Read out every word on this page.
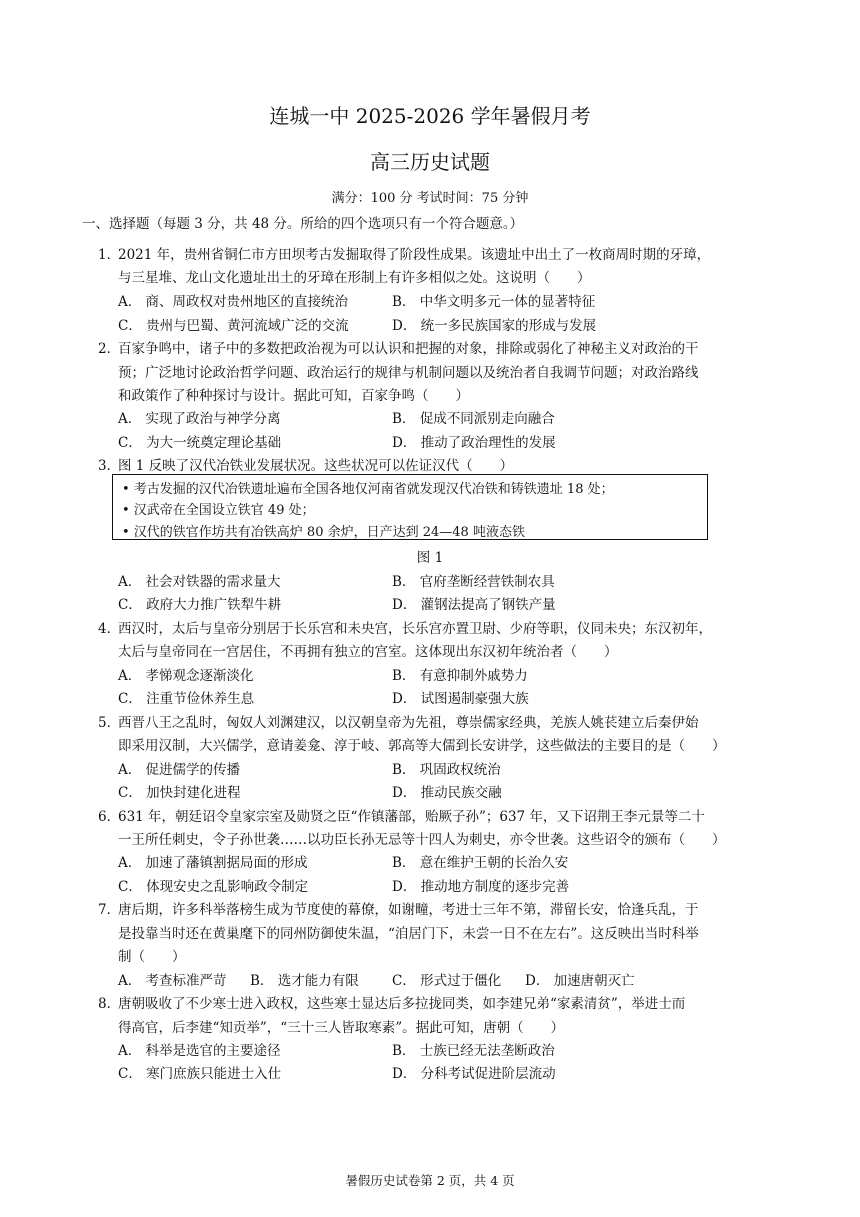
连城一中 2025-2026 学年暑假月考
高三历史试题
满分：100 分 考试时间：75 分钟
一、选择题（每题 3 分，共 48 分。所给的四个选项只有一个符合题意。）
1．
2021 年，贵州省铜仁市方田坝考古发掘取得了阶段性成果。该遗址中出土了一枚商周时期的牙璋，
与三星堆、龙山文化遗址出土的牙璋在形制上有许多相似之处。这说明（　　）
A． 商、周政权对贵州地区的直接统治	B． 中华文明多元一体的显著特征
C． 贵州与巴蜀、黄河流域广泛的交流	D． 统一多民族国家的形成与发展
2．
百家争鸣中，诸子中的多数把政治视为可以认识和把握的对象，排除或弱化了神秘主义对政治的干
预；广泛地讨论政治哲学问题、政治运行的规律与机制问题以及统治者自我调节问题；对政治路线
和政策作了种种探讨与设计。据此可知，百家争鸣（　　）
A． 实现了政治与神学分离	B． 促成不同派别走向融合
C． 为大一统奠定理论基础	D． 推动了政治理性的发展
3．
图 1 反映了汉代冶铁业发展状况。这些状况可以佐证汉代（　　）
• 考古发掘的汉代冶铁遗址遍布全国各地仅河南省就发现汉代冶铁和铸铁遗址 18 处；
• 汉武帝在全国设立铁官 49 处；
• 汉代的铁官作坊共有冶铁高炉 80 余炉，日产达到 24—48 吨液态铁
图 1
A． 社会对铁器的需求量大	B． 官府垄断经营铁制农具
C． 政府大力推广铁犁牛耕	D． 灌钢法提高了钢铁产量
4．
西汉时，太后与皇帝分别居于长乐宫和未央宫，长乐宫亦置卫尉、少府等职，仪同未央；东汉初年，
太后与皇帝同在一宫居住，不再拥有独立的宫室。这体现出东汉初年统治者（　　）
A． 孝悌观念逐渐淡化	B． 有意抑制外戚势力
C． 注重节俭休养生息	D． 试图遏制豪强大族
5．
西晋八王之乱时，匈奴人刘渊建汉，以汉朝皇帝为先祖，尊崇儒家经典，羌族人姚苌建立后秦伊始
即采用汉制，大兴儒学，意请姜龛、淳于岐、郭高等大儒到长安讲学，这些做法的主要目的是（　　）
A． 促进儒学的传播	B． 巩固政权统治
C． 加快封建化进程	D． 推动民族交融
6．
631 年，朝廷诏令皇家宗室及勋贤之臣“作镇藩部，贻厥子孙”；637 年，又下诏荆王李元景等二十
一王所任刺史，令子孙世袭……以功臣长孙无忌等十四人为刺史，亦令世袭。这些诏令的颁布（　　）
A． 加速了藩镇割据局面的形成	B． 意在维护王朝的长治久安
C． 体现安史之乱影响政令制定	D． 推动地方制度的逐步完善
7．
唐后期，许多科举落榜生成为节度使的幕僚，如谢疃，考进士三年不第，滞留长安，恰逢兵乱，于
是投靠当时还在黄巢麾下的同州防御使朱温，“洎居门下，未尝一日不在左右”。这反映出当时科举
制（　　）
A． 考查标准严苛 B． 选才能力有限 C． 形式过于僵化 D． 加速唐朝灭亡
8．
唐朝吸收了不少寒士进入政权，这些寒士显达后多拉拢同类，如李建兄弟“家素清贫”，举进士而
得高官，后李建“知贡举”，“三十三人皆取寒素”。据此可知，唐朝（　　）
A． 科举是选官的主要途径	B． 士族已经无法垄断政治
C． 寒门庶族只能进士入仕	D． 分科考试促进阶层流动
暑假历史试卷第 2 页，共 4 页
